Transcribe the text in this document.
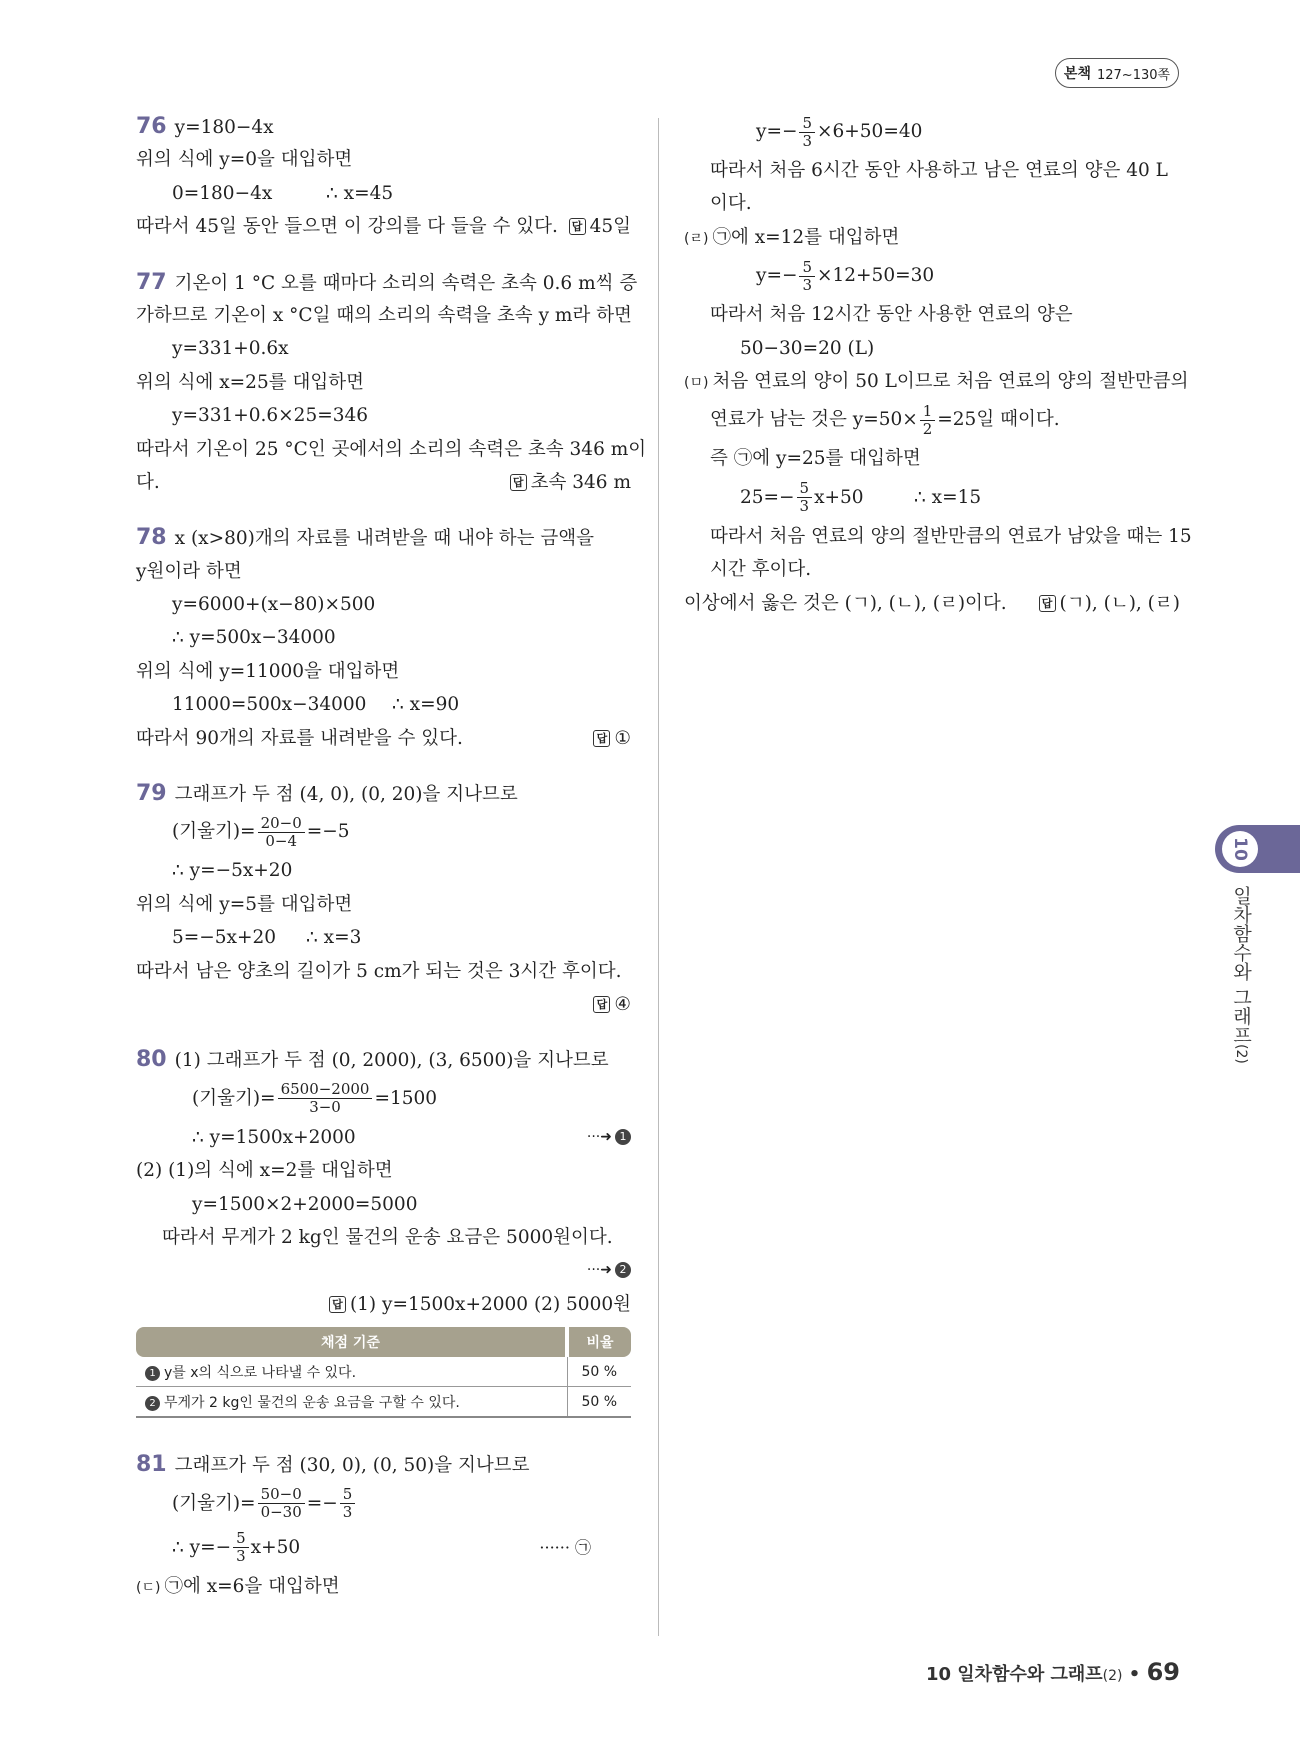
본책 127~130쪽
76 y=180−4x
위의 식에 y=0을 대입하면
0=180−4x	∴ x=45
따라서 45일 동안 들으면 이 강의를 다 들을 수 있다. 답 45일
77 기온이 1 °C 오를 때마다 소리의 속력은 초속 0.6 m씩 증
가하므로 기온이 x °C일 때의 소리의 속력을 초속 y m라 하면
y=331+0.6x
위의 식에 x=25를 대입하면
y=331+0.6×25=346
따라서 기온이 25 °C인 곳에서의 소리의 속력은 초속 346 m이
다.	답 초속 346 m
78 x (x>80)개의 자료를 내려받을 때 내야 하는 금액을
y원이라 하면
y=6000+(x−80)×500
∴ y=500x−34000
위의 식에 y=11000을 대입하면
11000=500x−34000 ∴ x=90
따라서 90개의 자료를 내려받을 수 있다.	답 ①
79 그래프가 두 점 (4, 0), (0, 20)을 지나므로
(기울기)= $\frac{20-0}{0-4} =-5$
∴ y=−5x+20
위의 식에 y=5를 대입하면
5=−5x+20 ∴ x=3
따라서 남은 양초의 길이가 5 cm가 되는 것은 3시간 후이다.
답 ④
80 (1) 그래프가 두 점 (0, 2000), (3, 6500)을 지나므로
(기울기)= $\frac{6500-2000}{3-0} =1500$
∴ y=1500x+2000	···➜ 1
(2) (1)의 식에 x=2를 대입하면
y=1500×2+2000=5000
따라서 무게가 2 kg인 물건의 운송 요금은 5000원이다.
···➜ 2
답 (1) y=1500x+2000 (2) 5000원
채점 기준	비율
1 y를 x의 식으로 나타낼 수 있다.	50 %
2 무게가 2 kg인 물건의 운송 요금을 구할 수 있다.	50 %
81 그래프가 두 점 (30, 0), (0, 50)을 지나므로
(기울기)= $\frac{50-0}{0-30} =- \frac{5}{3}$
∴ $y=- \frac{5}{3} x+50$	······ ㉠
(ㄷ) ㉠에 x=6을 대입하면
$y=- \frac{5}{3} \times 6+50=40$
따라서 처음 6시간 동안 사용하고 남은 연료의 양은 40 L
이다.
(ㄹ) ㉠에 x=12를 대입하면
$y=- \frac{5}{3} \times 12+50=30$
따라서 처음 12시간 동안 사용한 연료의 양은
50−30=20 (L)
(ㅁ) 처음 연료의 양이 50 L이므로 처음 연료의 양의 절반만큼의
연료가 남는 것은 $y=50\times \frac{1}{2} =25$일 때이다.
즉 ㉠에 y=25를 대입하면
$25=- \frac{5}{3} x+50$	∴ x=15
따라서 처음 연료의 양의 절반만큼의 연료가 남았을 때는 15
시간 후이다.
이상에서 옳은 것은 (ㄱ), (ㄴ), (ㄹ)이다.	답 (ㄱ), (ㄴ), (ㄹ)
10
일차함수와 그래프(2)
10 일차함수와 그래프(2) • 69
